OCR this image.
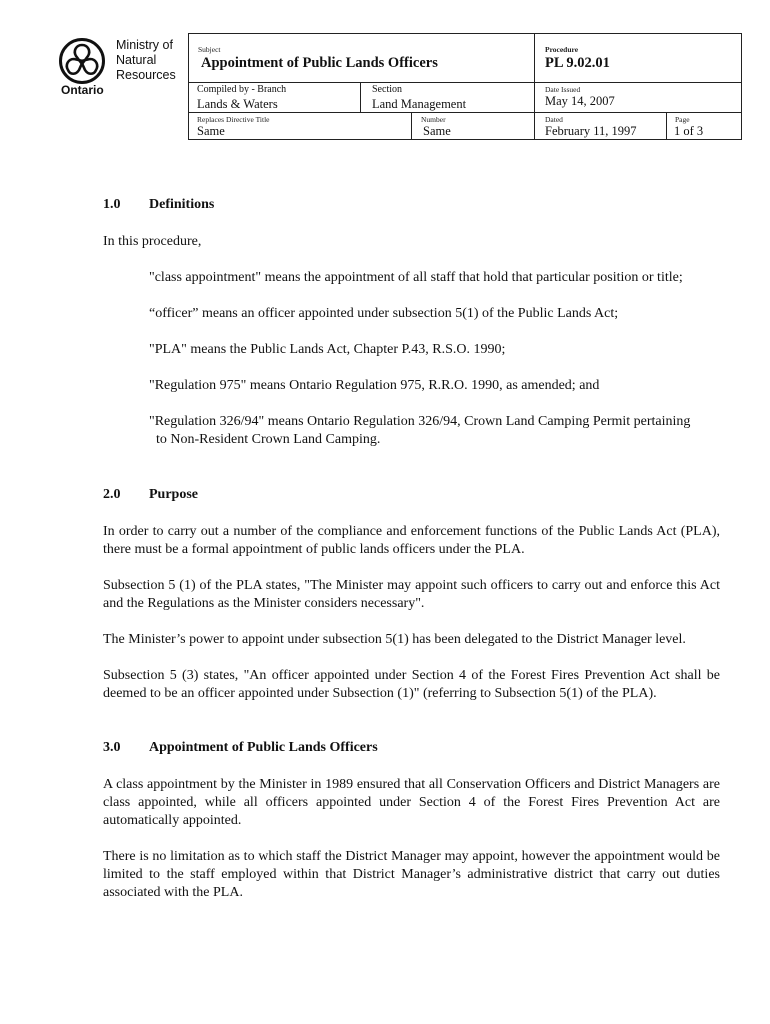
Ministry of
Natural
Resources
Ontario
Subject
Appointment of Public Lands Officers
Procedure
PL 9.02.01
Compiled by - Branch
Lands & Waters
Section
Land Management
Date Issued
May 14, 2007
Replaces Directive Title
Same
Number
Same
Dated
February 11, 1997
Page
1 of 3
1.0 Definitions
In this procedure,
"class appointment" means the appointment of all staff that hold that particular position or title;
“officer” means an officer appointed under subsection 5(1) of the Public Lands Act;
"PLA" means the Public Lands Act, Chapter P.43, R.S.O. 1990;
"Regulation 975" means Ontario Regulation 975, R.R.O. 1990, as amended; and
"Regulation 326/94" means Ontario Regulation 326/94, Crown Land Camping Permit pertaining
to Non-Resident Crown Land Camping.
2.0 Purpose
In order to carry out a number of the compliance and enforcement functions of the Public Lands Act (PLA), there must be a formal appointment of public lands officers under the PLA.
Subsection 5 (1) of the PLA states, "The Minister may appoint such officers to carry out and enforce this Act and the Regulations as the Minister considers necessary".
The Minister’s power to appoint under subsection 5(1) has been delegated to the District Manager level.
Subsection 5 (3) states, "An officer appointed under Section 4 of the Forest Fires Prevention Act shall be deemed to be an officer appointed under Subsection (1)" (referring to Subsection 5(1) of the PLA).
3.0 Appointment of Public Lands Officers
A class appointment by the Minister in 1989 ensured that all Conservation Officers and District Managers are class appointed, while all officers appointed under Section 4 of the Forest Fires Prevention Act are automatically appointed.
There is no limitation as to which staff the District Manager may appoint, however the appointment would be limited to the staff employed within that District Manager’s administrative district that carry out duties associated with the PLA.
